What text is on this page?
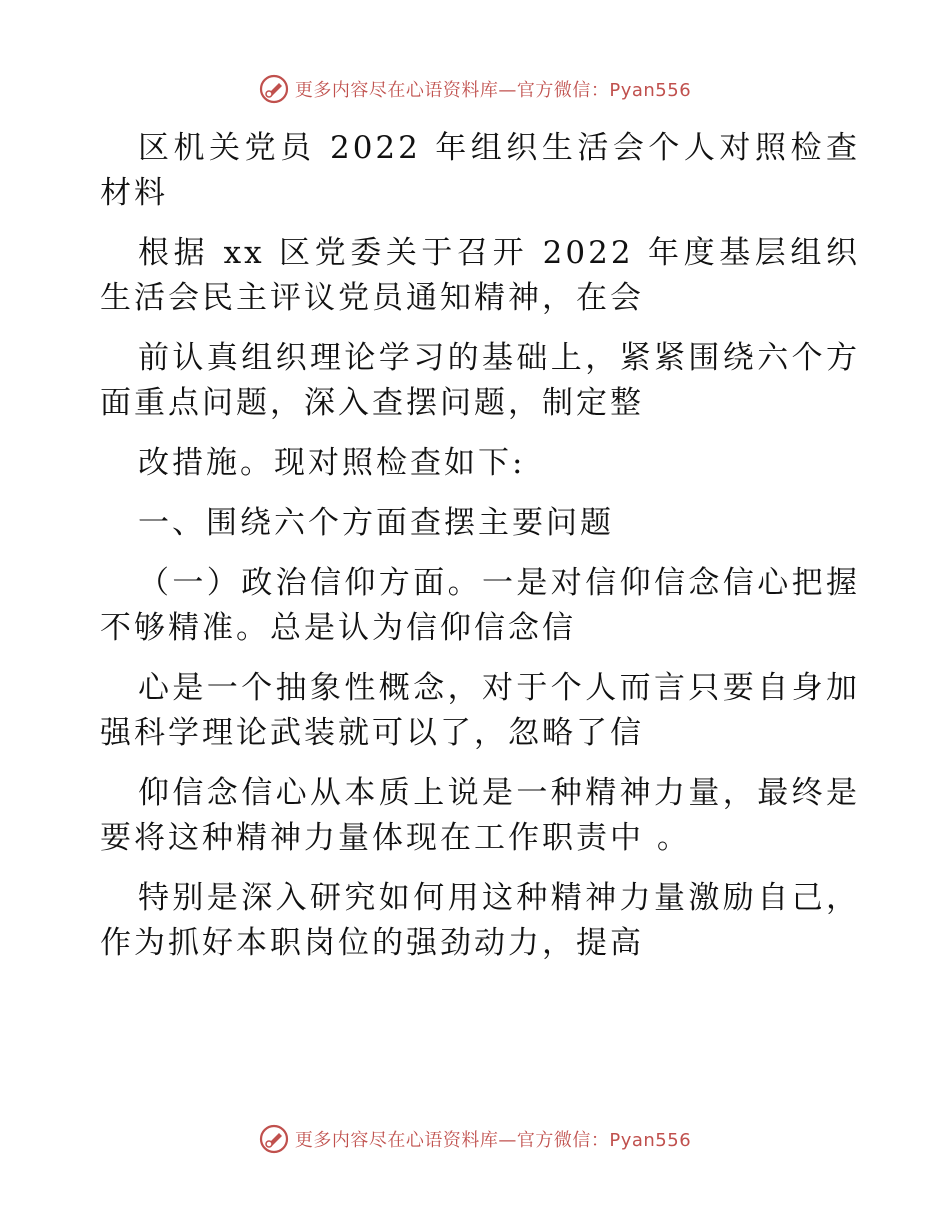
更多内容尽在心语资料库—官方微信：Pyan556

区机关党员 2022 年组织生活会个人对照检查材料

根据 xx 区党委关于召开 2022 年度基层组织生活会民主评议党员通知精神，在会

前认真组织理论学习的基础上，紧紧围绕六个方面重点问题，深入查摆问题，制定整

改措施。现对照检查如下:

一、围绕六个方面查摆主要问题

（一）政治信仰方面。一是对信仰信念信心把握不够精准。总是认为信仰信念信

心是一个抽象性概念，对于个人而言只要自身加强科学理论武装就可以了，忽略了信

仰信念信心从本质上说是一种精神力量，最终是要将这种精神力量体现在工作职责中 。

特别是深入研究如何用这种精神力量激励自己，作为抓好本职岗位的强劲动力，提高

更多内容尽在心语资料库—官方微信：Pyan556
